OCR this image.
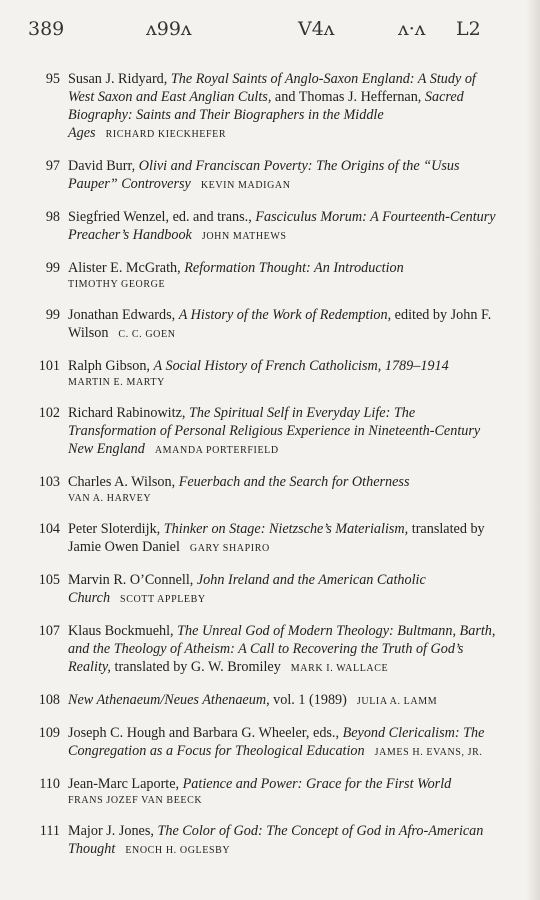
389	ʌ99ʌ	V4ʌ	ʌ·ʌ L2
95 Susan J. Ridyard, The Royal Saints of Anglo-Saxon England: A Study of West Saxon and East Anglian Cults, and Thomas J. Heffernan, Sacred Biography: Saints and Their Biographers in the Middle Ages RICHARD KIECKHEFER
97 David Burr, Olivi and Franciscan Poverty: The Origins of the “Usus Pauper” Controversy KEVIN MADIGAN
98 Siegfried Wenzel, ed. and trans., Fasciculus Morum: A Fourteenth-Century Preacher’s Handbook JOHN MATHEWS
99 Alister E. McGrath, Reformation Thought: An Introduction
TIMOTHY GEORGE
99 Jonathan Edwards, A History of the Work of Redemption, edited by John F. Wilson C. C. GOEN
101 Ralph Gibson, A Social History of French Catholicism, 1789–1914
MARTIN E. MARTY
102 Richard Rabinowitz, The Spiritual Self in Everyday Life: The Transformation of Personal Religious Experience in Nineteenth-Century New England AMANDA PORTERFIELD
103 Charles A. Wilson, Feuerbach and the Search for Otherness
VAN A. HARVEY
104 Peter Sloterdijk, Thinker on Stage: Nietzsche’s Materialism, translated by Jamie Owen Daniel GARY SHAPIRO
105 Marvin R. O’Connell, John Ireland and the American Catholic Church SCOTT APPLEBY
107 Klaus Bockmuehl, The Unreal God of Modern Theology: Bultmann, Barth, and the Theology of Atheism: A Call to Recovering the Truth of God’s Reality, translated by G. W. Bromiley MARK I. WALLACE
108 New Athenaeum/Neues Athenaeum, vol. 1 (1989) JULIA A. LAMM
109 Joseph C. Hough and Barbara G. Wheeler, eds., Beyond Clericalism: The Congregation as a Focus for Theological Education JAMES H. EVANS, JR.
110 Jean-Marc Laporte, Patience and Power: Grace for the First World
FRANS JOZEF VAN BEECK
111 Major J. Jones, The Color of God: The Concept of God in Afro-American Thought ENOCH H. OGLESBY
